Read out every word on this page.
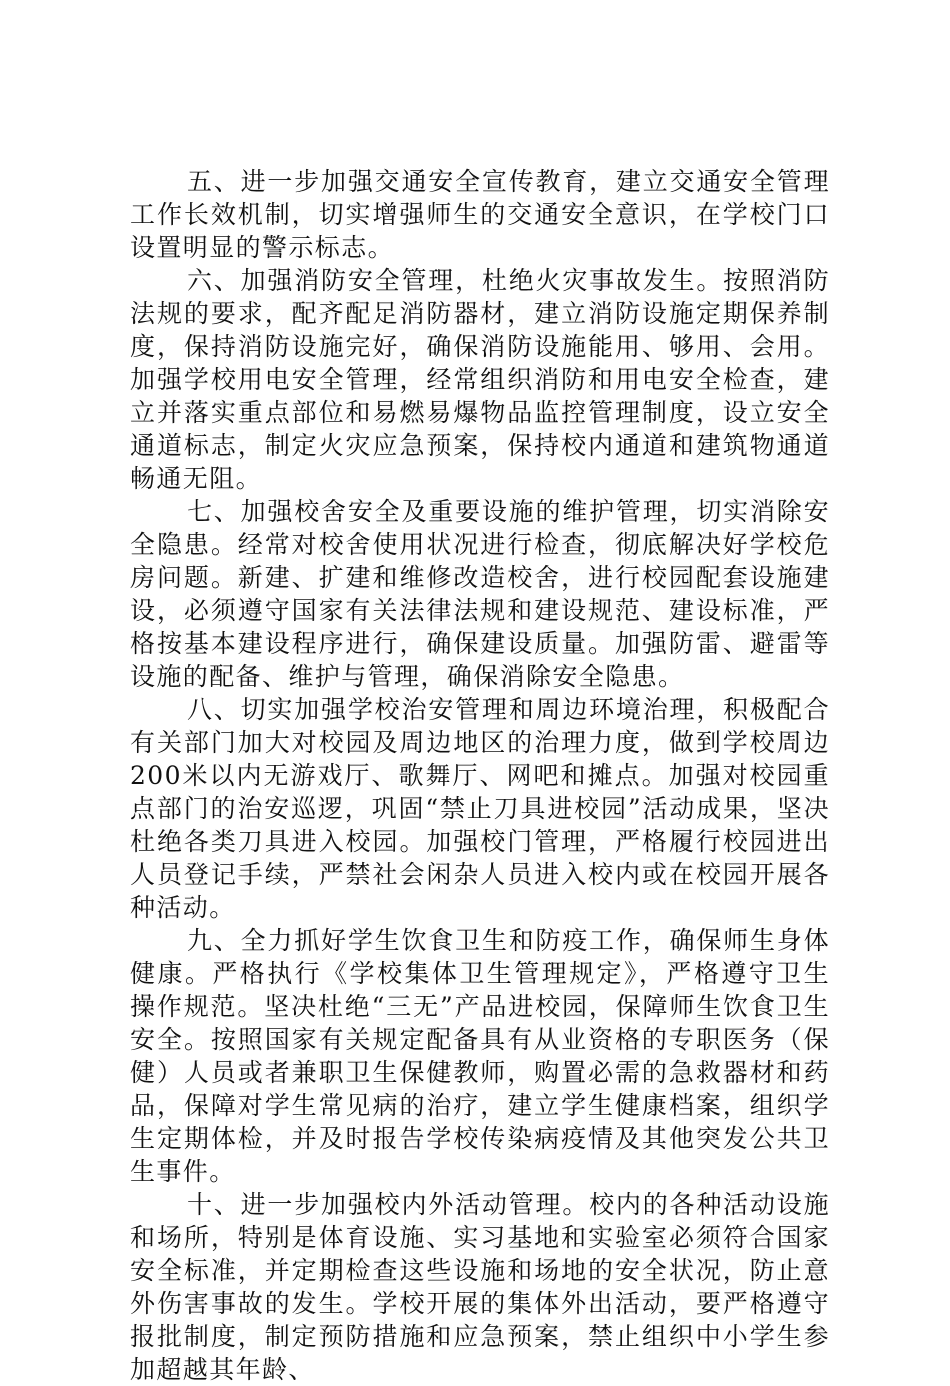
五、进一步加强交通安全宣传教育，建立交通安全管理工作长效机制，切实增强师生的交通安全意识，在学校门口设置明显的警示标志。

六、加强消防安全管理，杜绝火灾事故发生。按照消防法规的要求，配齐配足消防器材，建立消防设施定期保养制度，保持消防设施完好，确保消防设施能用、够用、会用。加强学校用电安全管理，经常组织消防和用电安全检查，建立并落实重点部位和易燃易爆物品监控管理制度，设立安全通道标志，制定火灾应急预案，保持校内通道和建筑物通道畅通无阻。

七、加强校舍安全及重要设施的维护管理，切实消除安全隐患。经常对校舍使用状况进行检查，彻底解决好学校危房问题。新建、扩建和维修改造校舍，进行校园配套设施建设，必须遵守国家有关法律法规和建设规范、建设标准，严格按基本建设程序进行，确保建设质量。加强防雷、避雷等设施的配备、维护与管理，确保消除安全隐患。

八、切实加强学校治安管理和周边环境治理，积极配合有关部门加大对校园及周边地区的治理力度，做到学校周边200米以内无游戏厅、歌舞厅、网吧和摊点。加强对校园重点部门的治安巡逻，巩固“禁止刀具进校园”活动成果，坚决杜绝各类刀具进入校园。加强校门管理，严格履行校园进出人员登记手续，严禁社会闲杂人员进入校内或在校园开展各种活动。

九、全力抓好学生饮食卫生和防疫工作，确保师生身体健康。严格执行《学校集体卫生管理规定》，严格遵守卫生操作规范。坚决杜绝“三无”产品进校园，保障师生饮食卫生安全。按照国家有关规定配备具有从业资格的专职医务（保健）人员或者兼职卫生保健教师，购置必需的急救器材和药品，保障对学生常见病的治疗，建立学生健康档案，组织学生定期体检，并及时报告学校传染病疫情及其他突发公共卫生事件。

十、进一步加强校内外活动管理。校内的各种活动设施和场所，特别是体育设施、实习基地和实验室必须符合国家安全标准，并定期检查这些设施和场地的安全状况，防止意外伤害事故的发生。学校开展的集体外出活动，要严格遵守报批制度，制定预防措施和应急预案，禁止组织中小学生参加超越其年龄、
